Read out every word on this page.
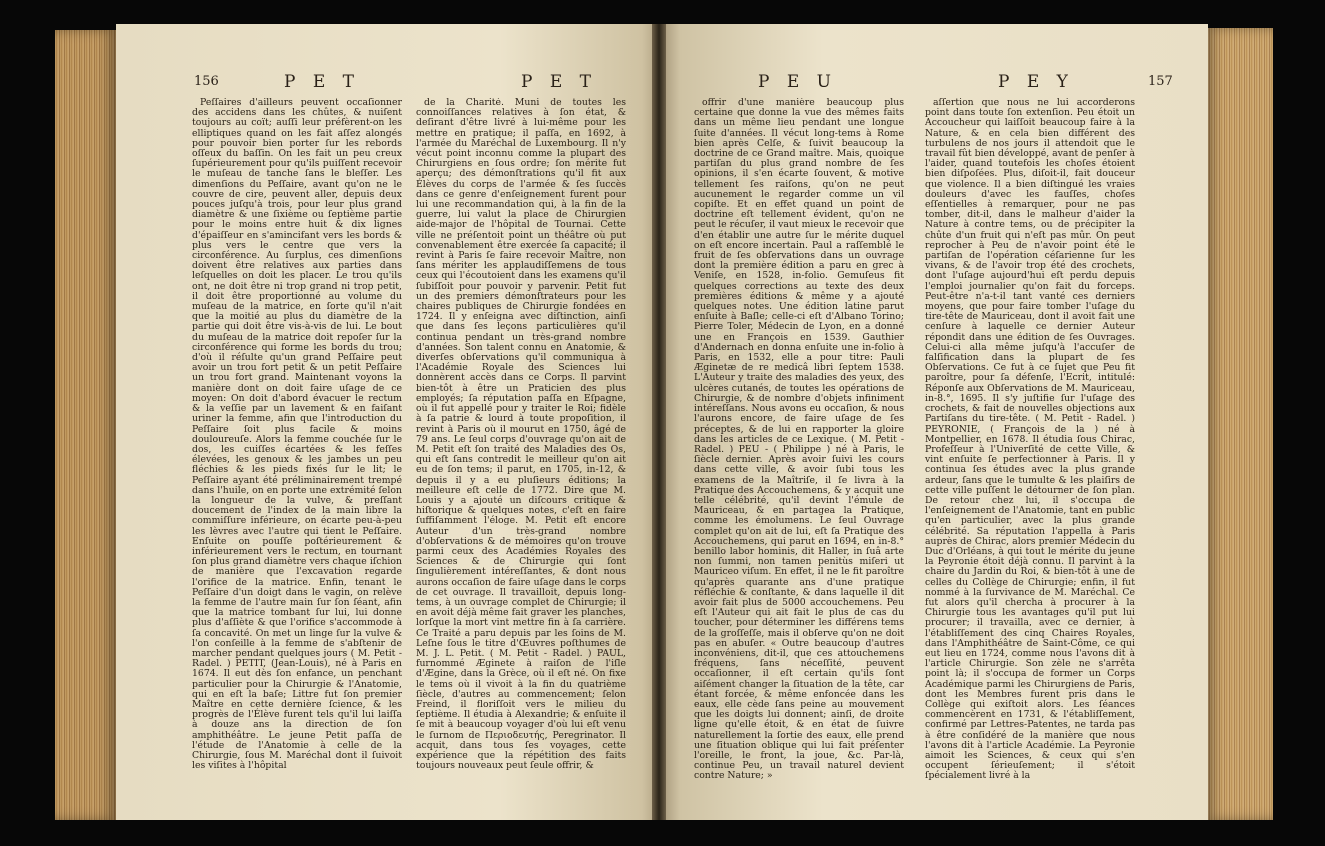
156	P E T	P E T

Peſſaires d'ailleurs peuvent occaſionner des accidens dans les chûtes, & nuiſent toujours au coït; auſſi leur préfèrent-on les elliptiques quand on les fait aſſez alongés pour pouvoir bien porter ſur les rebords oſſeux du baſſin. On les fait un peu creux ſupérieurement pour qu'ils puiſſent recevoir le muſeau de tanche ſans le bleſſer. Les dimenſions du Peſſaire, avant qu'on ne le couvre de cire, peuvent aller, depuis deux pouces juſqu'à trois, pour leur plus grand diamètre & une ſixième ou ſeptième partie pour le moins entre huit & dix lignes d'épaiſſeur en s'amincifant vers les bords & plus vers le centre que vers la circonférence. Au ſurplus, ces dimenſions doivent être relatives aux parties dans leſquelles on doit les placer. Le trou qu'ils ont, ne doit être ni trop grand ni trop petit, il doit être proportionné au volume du muſeau de la matrice, en ſorte qu'il n'ait que la moitié au plus du diamètre de la partie qui doit être vis-à-vis de lui. Le bout du muſeau de la matrice doit repoſer ſur la circonférence qui forme les bords du trou; d'où il réſulte qu'un grand Peſſaire peut avoir un trou fort petit & un petit Peſſaire un trou fort grand. Maintenant voyons la manière dont on doit faire uſage de ce moyen: On doit d'abord évacuer le rectum & la veſſie par un lavement & en faiſant uriner la femme, afin que l'introduction du Peſſaire ſoit plus facile & moins douloureuſe. Alors la femme couchée ſur le dos, les cuiſſes écartées & les feſſes élevées, les genoux & les jambes un peu fléchies & les pieds fixés ſur le lit; le Peſſaire ayant été préliminairement trempé dans l'huile, on en porte une extrémité ſelon la longueur de la vulve, & preſſant doucement de l'index de la main libre la commiſſure inférieure, on écarte peu-à-peu les lèvres avec l'autre qui tient le Peſſaire. Enſuite on pouſſe poſtérieurement & inférieurement vers le rectum, en tournant ſon plus grand diamètre vers chaque iſchion de manière que l'excavation regarde l'orifice de la matrice. Enfin, tenant le Peſſaire d'un doigt dans le vagin, on relève la femme de l'autre main ſur ſon ſéant, afin que la matrice tombant ſur lui, lui donne plus d'aſſiète & que l'orifice s'accommode à ſa concavité. On met un linge ſur la vulve & l'on conſeille à la femme de s'abſtenir de marcher pendant quelques jours ( M. Petit - Radel. ) PETIT, (Jean-Louis), né à Paris en 1674. Il eut dès ſon enfance, un penchant particulier pour la Chirurgie & l'Anatomie, qui en eſt la baſe; Littre fut ſon premier Maître en cette dernière ſcience, & les progrès de l'Élève furent tels qu'il lui laiſſa à douze ans la direction de ſon amphithéâtre. Le jeune Petit paſſa de l'étude de l'Anatomie à celle de la Chirurgie, ſous M. Maréchal dont il ſuivoit les viſites à l'hôpital

de la Charité. Muni de toutes les connoiſſances relatives à ſon état, & deſirant d'être livré à lui-même pour les mettre en pratique; il paſſa, en 1692, à l'armée du Maréchal de Luxembourg. Il n'y vécut point inconnu comme la plupart des Chirurgiens en ſous ordre; ſon mérite fut aperçu; des démonſtrations qu'il fit aux Élèves du corps de l'armée & ſes ſuccès dans ce genre d'enſeignement furent pour lui une recommandation qui, à la fin de la guerre, lui valut la place de Chirurgien aide-major de l'hôpital de Tournai. Cette ville ne préſentoit point un théâtre où put convenablement être exercée ſa capacité; il revint à Paris ſe faire recevoir Maître, non ſans mériter les applaudiſſemens de tous ceux qui l'écoutoient dans les examens qu'il ſubiſſoit pour pouvoir y parvenir. Petit fut un des premiers démonſtrateurs pour les chaires publiques de Chirurgie fondées en 1724. Il y enſeigna avec diſtinction, ainſi que dans ſes leçons particulières qu'il continua pendant un très-grand nombre d'années. Son talent connu en Anatomie, & diverſes obſervations qu'il communiqua à l'Académie Royale des Sciences lui donnèrent accès dans ce Corps. Il parvint bien-tôt à être un Praticien des plus employés; ſa réputation paſſa en Eſpagne, où il fut appellé pour y traiter le Roi; fidèle à ſa patrie & lourd à toute propoſition, il revint à Paris où il mourut en 1750, âgé de 79 ans. Le ſeul corps d'ouvrage qu'on ait de M. Petit eſt ſon traité des Maladies des Os, qui eſt ſans contredit le meilleur qu'on ait eu de ſon tems; il parut, en 1705, in-12, & depuis il y a eu pluſieurs éditions; la meilleure eſt celle de 1772. Dire que M. Louis y a ajouté un diſcours critique & hiſtorique & quelques notes, c'eſt en faire ſuffiſamment l'éloge. M. Petit eſt encore Auteur d'un très-grand nombre d'obſervations & de mémoires qu'on trouve parmi ceux des Académies Royales des Sciences & de Chirurgie qui ſont ſingulièrement intéreſſantes, & dont nous aurons occaſion de faire uſage dans le corps de cet ouvrage. Il travailloit, depuis long-tems, à un ouvrage complet de Chirurgie; il en avoit déjà même fait graver les planches, lorſque la mort vint mettre fin à ſa carrière. Ce Traité a paru depuis par les ſoins de M. Leſne ſous le titre d'Œuvres poſthumes de M. J. L. Petit. ( M. Petit - Radel. ) PAUL, furnommé Æginete à raiſon de l'iſle d'Ægine, dans la Grèce, où il eſt né. On fixe le tems où il vivoit à la fin du quatrième ſiècle, d'autres au commencement; ſelon Freind, il floriſſoit vers le milieu du ſeptième. Il étudia à Alexandrie; & enſuite il ſe mit à beaucoup voyager d'où lui eſt venu le ſurnom de Περιοδευτής, Peregrinator. Il acquit, dans tous ſes voyages, cette expérience que la répétition des faits toujours nouveaux peut ſeule offrir, &

P E U	P E Y	157

offrir d'une manière beaucoup plus certaine que donne la vue des mêmes faits dans un même lieu pendant une longue ſuite d'années. Il vécut long-tems à Rome bien après Celſe, & ſuivit beaucoup la doctrine de ce Grand maître. Mais, quoique partiſan du plus grand nombre de ſes opinions, il s'en écarte ſouvent, & motive tellement ſes raiſons, qu'on ne peut aucunement le regarder comme un vil copiſte. Et en effet quand un point de doctrine eſt tellement évident, qu'on ne peut le récuſer, il vaut mieux le recevoir que d'en établir une autre ſur le mérite duquel on eſt encore incertain. Paul a raſſemblé le fruit de ſes obſervations dans un ouvrage dont la première édition a paru en grec à Veniſe, en 1528, in-folio. Gemuſeus fit quelques corrections au texte des deux premières éditions & même y a ajouté quelques notes. Une édition latine parut enſuite à Baſle; celle-ci eſt d'Albano Torino; Pierre Toler, Médecin de Lyon, en a donné une en François en 1539. Gauthier d'Andernach en donna enſuite une in-folio à Paris, en 1532, elle a pour titre: Pauli Æginetæ de re medicâ libri ſeptem 1538. L'Auteur y traite des maladies des yeux, des ulcères cutanés, de toutes les opérations de Chirurgie, & de nombre d'objets infiniment intéreſſans. Nous avons eu occaſion, & nous l'aurons encore, de faire uſage de ſes préceptes, & de lui en rapporter la gloire dans les articles de ce Lexique. ( M. Petit - Radel. ) PEU - ( Philippe ) né à Paris, le ſiècle dernier. Après avoir ſuivi les cours dans cette ville, & avoir ſubi tous les examens de la Maîtriſe, il ſe livra à la Pratique des Accouchemens, & y acquit une telle célébrité, qu'il devint l'émule de Mauriceau, & en partagea la Pratique, comme les émolumens. Le ſeul Ouvrage complet qu'on ait de lui, eſt ſa Pratique des Accouchemens, qui parut en 1694, en in-8.° benillo labor hominis, dit Haller, in ſuâ arte non ſummi, non tamen penitùs miſeri ut Mauriceo viſum. En effet, il ne le fit paroître qu'après quarante ans d'une pratique réfléchie & conſtante, & dans laquelle il dit avoir fait plus de 5000 accouchemens. Peu eſt l'Auteur qui ait fait le plus de cas du toucher, pour déterminer les différens tems de la groſſeſſe, mais il obſerve qu'on ne doit pas en abuſer. « Outre beaucoup d'autres inconvéniens, dit-il, que ces attouchemens fréquens, ſans néceſſité, peuvent occaſionner, il eſt certain qu'ils ſont aiſément changer la ſituation de la tête, car étant forcée, & même enfoncée dans les eaux, elle cède ſans peine au mouvement que les doigts lui donnent; ainſi, de droite ligne qu'elle étoit, & en état de ſuivre naturellement la ſortie des eaux, elle prend une ſituation oblique qui lui fait préſenter l'oreille, le front, la joue, &c. Par-là, continue Peu, un travail naturel devient contre Nature; »

aſſertion que nous ne lui accorderons point dans toute ſon extenſion. Peu étoit un Accoucheur qui laiſſoit beaucoup faire à la Nature, & en cela bien différent des turbulens de nos jours il attendoit que le travail fût bien développé, avant de penſer à l'aider, quand toutefois les choſes étoient bien diſpoſées. Plus, diſoit-il, fait douceur que violence. Il a bien diſtingué les vraies douleurs d'avec les fauſſes, choſes eſſentielles à remarquer, pour ne pas tomber, dit-il, dans le malheur d'aider la Nature à contre tems, ou de précipiter la chûte d'un fruit qui n'eſt pas mûr. On peut reprocher à Peu de n'avoir point été le partiſan de l'opération céſarienne ſur les vivans, & de l'avoir trop été des crochets, dont l'uſage aujourd'hui eſt perdu depuis l'emploi journalier qu'on fait du forceps. Peut-être n'a-t-il tant vanté ces derniers moyens, que pour faire tomber l'uſage du tire-tête de Mauriceau, dont il avoit fait une cenſure à laquelle ce dernier Auteur répondit dans une édition de ſes Ouvrages. Celui-ci alla même juſqu'à l'accuſer de falſification dans la plupart de ſes Obſervations. Ce fut à ce ſujet que Peu fit paroître, pour ſa défenſe, l'Ecrit, intitulé: Réponſe aux Obſervations de M. Mauriceau, in-8.°, 1695. Il s'y juſtifie ſur l'uſage des crochets, & fait de nouvelles objections aux Partiſans du tire-tête. ( M. Petit - Radel. ) PEYRONIE, ( François de la ) né à Montpellier, en 1678. Il étudia ſous Chirac, Profeſſeur à l'Univerſité de cette Ville, & vint enſuite ſe perfectionner à Paris. Il y continua ſes études avec la plus grande ardeur, ſans que le tumulte & les plaiſirs de cette ville puſſent le détourner de ſon plan. De retour chez lui, il s'occupa de l'enſeignement de l'Anatomie, tant en public qu'en particulier, avec la plus grande célébrité. Sa réputation l'appella à Paris auprès de Chirac, alors premier Médecin du Duc d'Orléans, à qui tout le mérite du jeune la Peyronie étoit déjà connu. Il parvint à la chaire du Jardin du Roi, & bien-tôt à une de celles du Collège de Chirurgie; enfin, il fut nommé à la ſurvivance de M. Maréchal. Ce fut alors qu'il chercha à procurer à la Chirurgie tous les avantages qu'il put lui procurer; il travailla, avec ce dernier, à l'établiſſement des cinq Chaires Royales, dans l'Amphithéâtre de Saint-Côme, ce qui eut lieu en 1724, comme nous l'avons dit à l'article Chirurgie. Son zèle ne s'arrêta point là; il s'occupa de former un Corps Académique parmi les Chirurgiens de Paris, dont les Membres furent pris dans le Collège qui exiſtoit alors. Les ſéances commencèrent en 1731, & l'établiſſement, confirmé par Lettres-Patentes, ne tarda pas à être conſidéré de la manière que nous l'avons dit à l'article Académie. La Peyronie aimoit les Sciences, & ceux qui s'en occupent ſérieuſement; il s'étoit ſpécialement livré à la
